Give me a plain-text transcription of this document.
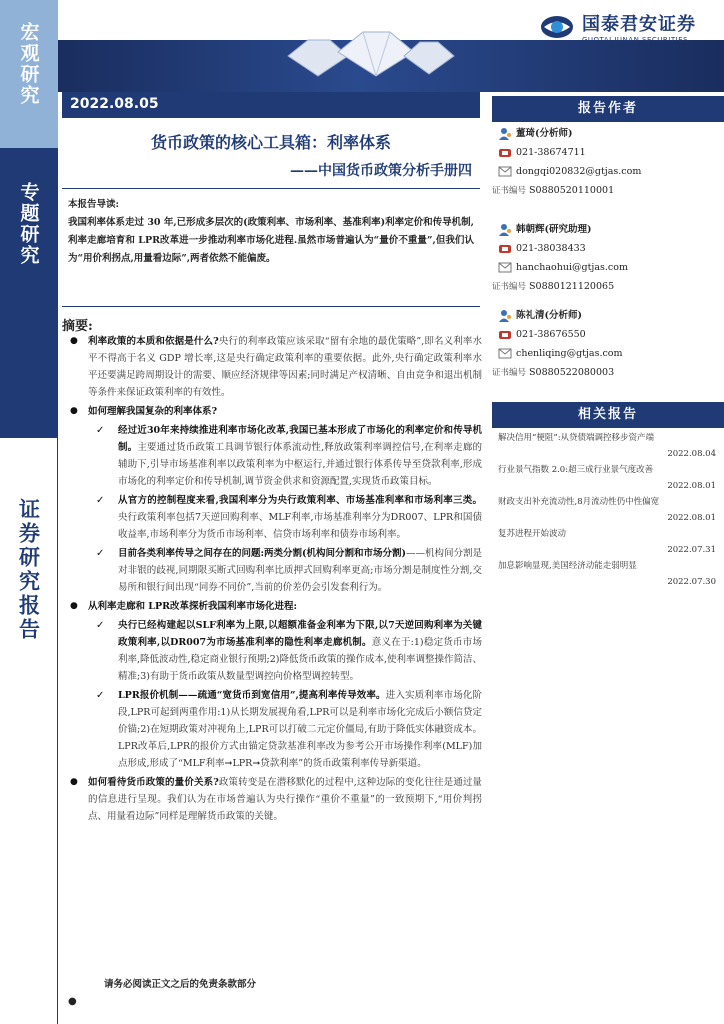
宏观研究
专题研究
证券研究报告
国泰君安证券
GUOTAI JUNAN SECURITIES
2022.08.05
货币政策的核心工具箱：利率体系
——中国货币政策分析手册四
本报告导读:
我国利率体系走过 30 年,已形成多层次的(政策利率、市场利率、基准利率)利率定价和传导机制,利率走廊培育和 LPR改革进一步推动利率市场化进程.虽然市场普遍认为“量价不重量”,但我们认为“用价利拐点,用量看边际”,两者依然不能偏废。
摘要:
● 利率政策的本质和依据是什么?央行的利率政策应该采取“留有余地的最优策略”,即名义利率水平不得高于名义 GDP 增长率,这是央行确定政策利率的重要依据。此外,央行确定政策利率水平还要满足跨周期设计的需要、顺应经济规律等因素;同时满足产权清晰、自由竞争和退出机制等条件来保证政策利率的有效性。
● 如何理解我国复杂的利率体系?
✓ 经过近30年来持续推进利率市场化改革,我国已基本形成了市场化的利率定价和传导机制。主要通过货币政策工具调节银行体系流动性,释放政策利率调控信号,在利率走廊的辅助下,引导市场基准利率以政策利率为中枢运行,并通过银行体系传导至贷款利率,形成市场化的利率定价和传导机制,调节资金供求和资源配置,实现货币政策目标。
✓ 从官方的控制程度来看,我国利率分为央行政策利率、市场基准利率和市场利率三类。央行政策利率包括7天逆回购利率、MLF利率,市场基准利率分为DR007、LPR和国债收益率,市场利率分为货币市场利率、信贷市场利率和债券市场利率。
✓ 目前各类利率传导之间存在的问题:两类分割(机构间分割和市场分割)——机构间分割是对非银的歧视,同期限买断式回购利率比质押式回购利率更高;市场分割是制度性分割,交易所和银行间出现“同券不同价”,当前的价差仍会引发套利行为。
● 从利率走廊和 LPR改革探析我国利率市场化进程:
✓ 央行已经构建起以SLF利率为上限,以超额准备金利率为下限,以7天逆回购利率为关键政策利率,以DR007为市场基准利率的隐性利率走廊机制。意义在于:1)稳定货币市场利率,降低波动性,稳定商业银行预期;2)降低货币政策的操作成本,使利率调整操作简洁、精准;3)有助于货币政策从数量型调控向价格型调控转型。
✓ LPR报价机制——疏通“宽货币到宽信用”,提高利率传导效率。进入实质利率市场化阶段,LPR可起到两重作用:1)从长期发展视角看,LPR可以是利率市场化完成后小额信贷定价锚;2)在短期政策对冲视角上,LPR可以打破二元定价僵局,有助于降低实体融资成本。LPR改革后,LPR的报价方式由锚定贷款基准利率改为参考公开市场操作利率(MLF)加点形成,形成了“MLF利率➞LPR➞贷款利率”的货币政策利率传导新渠道。
● 如何看待货币政策的量价关系?政策转变是在潜移默化的过程中,这种边际的变化往往是通过量的信息进行呈现。我们认为在市场普遍认为央行操作“重价不重量”的一致预期下,“用价判拐点、用量看边际”同样是理解货币政策的关键。
请务必阅读正文之后的免责条款部分
●
报告作者
董琦(分析师)
021-38674711
dongqi020832@gtjas.com
证书编号 S0880520110001
韩朝辉(研究助理)
021-38038433
hanchaohui@gtjas.com
证书编号 S0880121120065
陈礼清(分析师)
021-38676550
chenliqing@gtjas.com
证书编号 S0880522080003
相关报告
解决信用“梗阻”:从贷债端调控移步资产端
2022.08.04
行业景气指数 2.0:超三成行业景气度改善
2022.08.01
财政支出补充流动性,8月流动性仍中性偏宽
2022.08.01
复苏进程开始波动
2022.07.31
加息影响显现,美国经济动能走弱明显
2022.07.30
